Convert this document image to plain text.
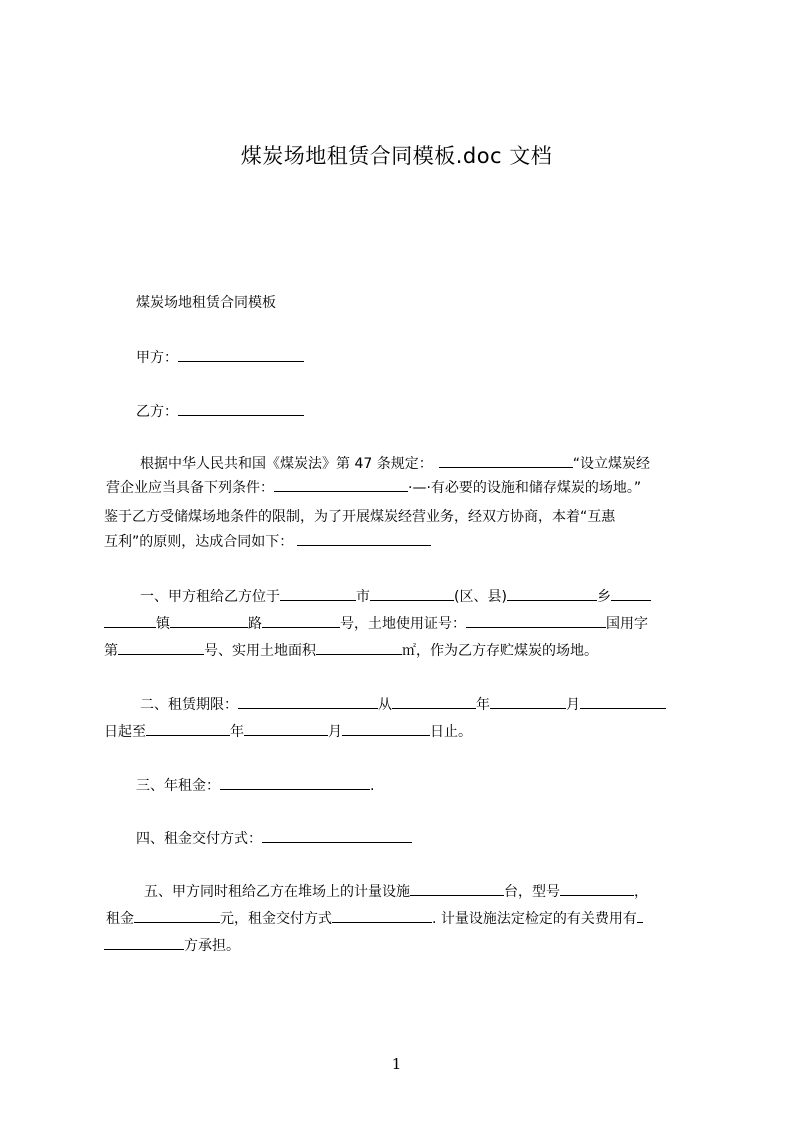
煤炭场地租赁合同模板.doc 文档
煤炭场地租赁合同模板
甲方：
乙方：
根据中华人民共和国《煤炭法》第 47 条规定：	“设立煤炭经
营企业应当具备下列条件：	·—·有必要的设施和储存煤炭的场地。”
鉴于乙方受储煤场地条件的限制，为了开展煤炭经营业务，经双方协商，本着“互惠
互利”的原则，达成合同如下：
一、甲方租给乙方位于	市	(区、县)	乡
镇	路	号，土地使用证号：	国用字
第	号、实用土地面积	㎡，作为乙方存贮煤炭的场地。
二、租赁期限：	从	年	月
日起至	年	月	日止。
三、年租金：	.
四、租金交付方式：
五、甲方同时租给乙方在堆场上的计量设施	台，型号	，
租金	元，租金交付方式	. 计量设施法定检定的有关费用有
方承担。
1
